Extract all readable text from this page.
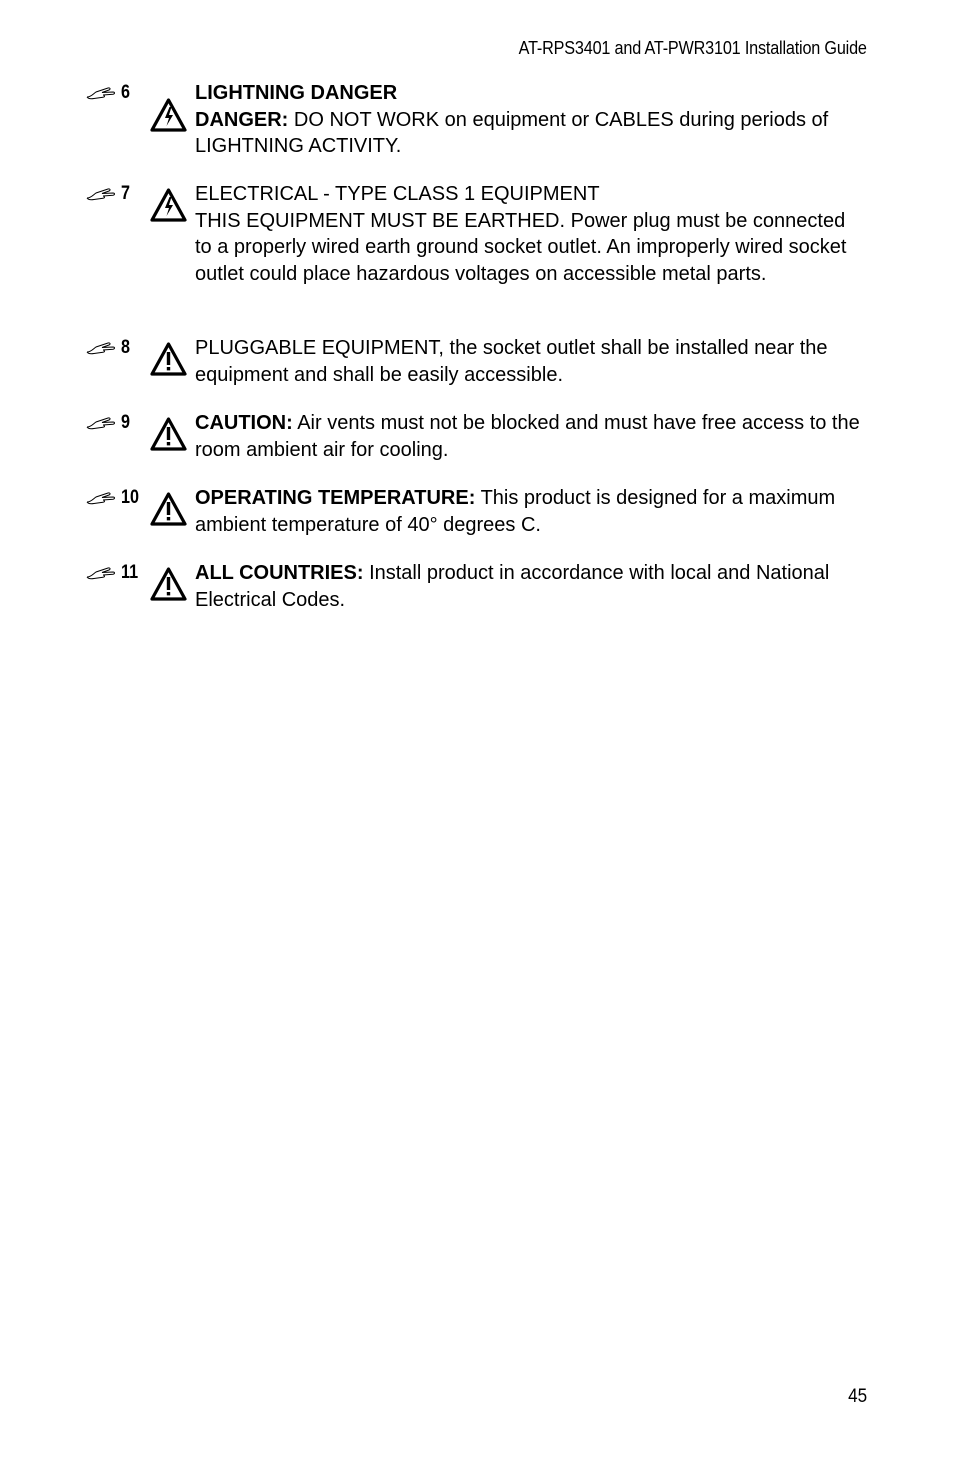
AT-RPS3401 and AT-PWR3101 Installation Guide
6	LIGHTNING DANGER
DANGER: DO NOT WORK on equipment or CABLES during periods of LIGHTNING ACTIVITY.
7	ELECTRICAL - TYPE CLASS 1 EQUIPMENT
THIS EQUIPMENT MUST BE EARTHED. Power plug must be connected to a properly wired earth ground socket outlet. An improperly wired socket outlet could place hazardous voltages on accessible metal parts.
8	PLUGGABLE EQUIPMENT, the socket outlet shall be installed near the equipment and shall be easily accessible.
9	CAUTION: Air vents must not be blocked and must have free access to the room ambient air for cooling.
10	OPERATING TEMPERATURE: This product is designed for a maximum ambient temperature of 40° degrees C.
11	ALL COUNTRIES: Install product in accordance with local and National Electrical Codes.
45
